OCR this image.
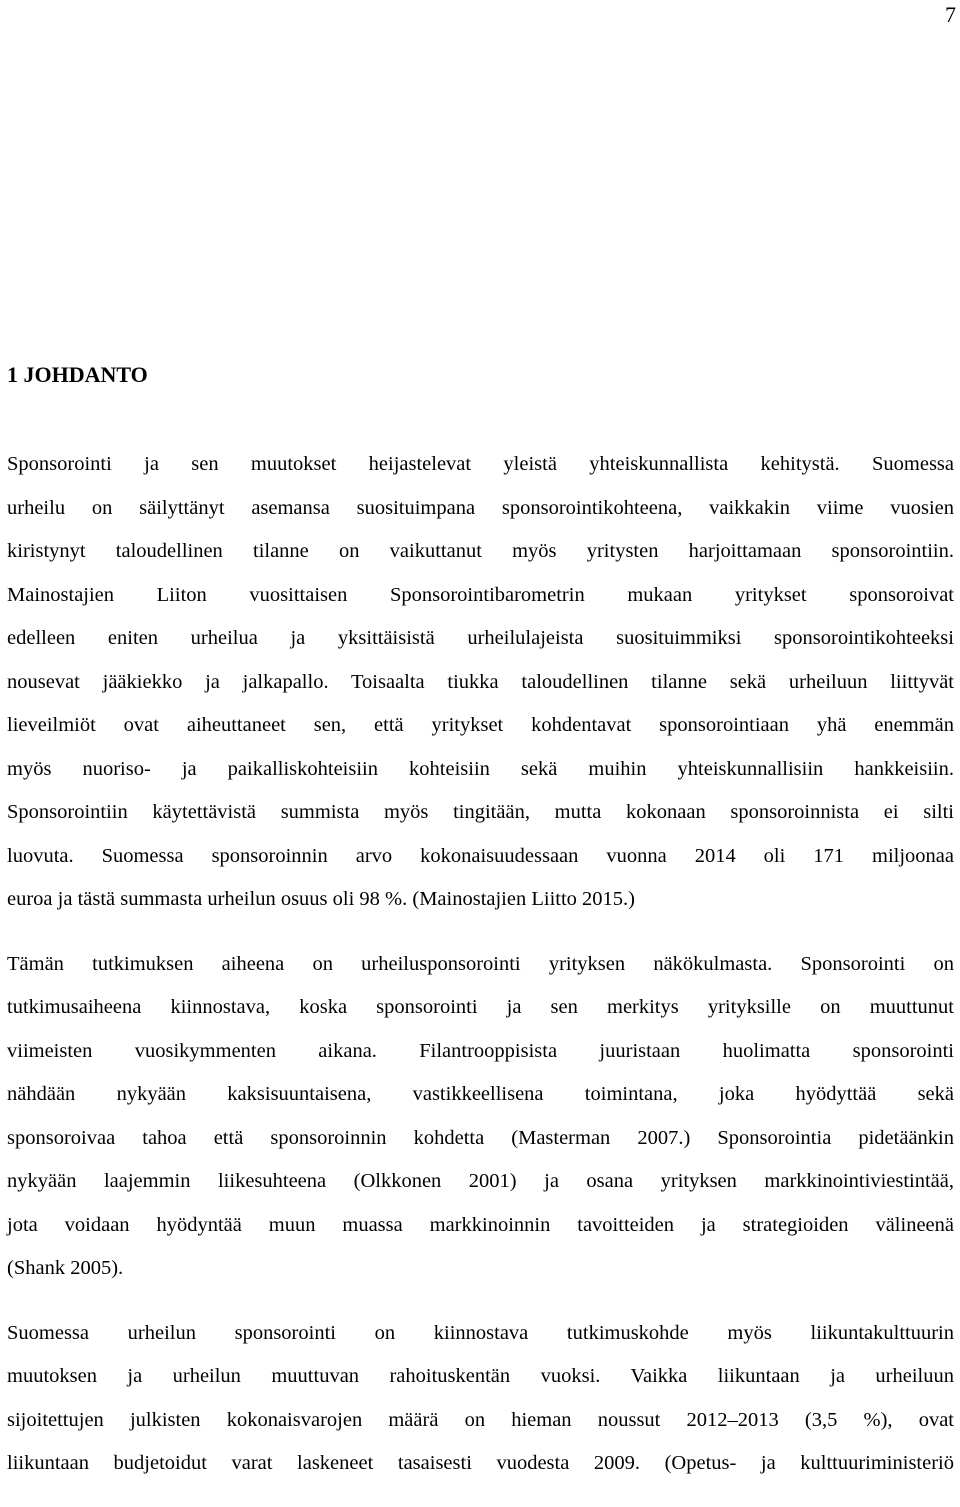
7
1 JOHDANTO
Sponsorointi ja sen muutokset heijastelevat yleistä yhteiskunnallista kehitystä. Suomessa
urheilu on säilyttänyt asemansa suosituimpana sponsorointikohteena, vaikkakin viime vuosien
kiristynyt taloudellinen tilanne on vaikuttanut myös yritysten harjoittamaan sponsorointiin.
Mainostajien Liiton vuosittaisen Sponsorointibarometrin mukaan yritykset sponsoroivat
edelleen eniten urheilua ja yksittäisistä urheilulajeista suosituimmiksi sponsorointikohteeksi
nousevat jääkiekko ja jalkapallo. Toisaalta tiukka taloudellinen tilanne sekä urheiluun liittyvät
lieveilmiöt ovat aiheuttaneet sen, että yritykset kohdentavat sponsorointiaan yhä enemmän
myös nuoriso- ja paikalliskohteisiin kohteisiin sekä muihin yhteiskunnallisiin hankkeisiin.
Sponsorointiin käytettävistä summista myös tingitään, mutta kokonaan sponsoroinnista ei silti
luovuta. Suomessa sponsoroinnin arvo kokonaisuudessaan vuonna 2014 oli 171 miljoonaa
euroa ja tästä summasta urheilun osuus oli 98 %. (Mainostajien Liitto 2015.)
Tämän tutkimuksen aiheena on urheilusponsorointi yrityksen näkökulmasta. Sponsorointi on
tutkimusaiheena kiinnostava, koska sponsorointi ja sen merkitys yrityksille on muuttunut
viimeisten vuosikymmenten aikana. Filantrooppisista juuristaan huolimatta sponsorointi
nähdään nykyään kaksisuuntaisena, vastikkeellisena toimintana, joka hyödyttää sekä
sponsoroivaa tahoa että sponsoroinnin kohdetta (Masterman 2007.) Sponsorointia pidetäänkin
nykyään laajemmin liikesuhteena (Olkkonen 2001) ja osana yrityksen markkinointiviestintää,
jota voidaan hyödyntää muun muassa markkinoinnin tavoitteiden ja strategioiden välineenä
(Shank 2005).
Suomessa urheilun sponsorointi on kiinnostava tutkimuskohde myös liikuntakulttuurin
muutoksen ja urheilun muuttuvan rahoituskentän vuoksi. Vaikka liikuntaan ja urheiluun
sijoitettujen julkisten kokonaisvarojen määrä on hieman noussut 2012–2013 (3,5 %), ovat
liikuntaan budjetoidut varat laskeneet tasaisesti vuodesta 2009. (Opetus- ja kulttuuriministeriö
